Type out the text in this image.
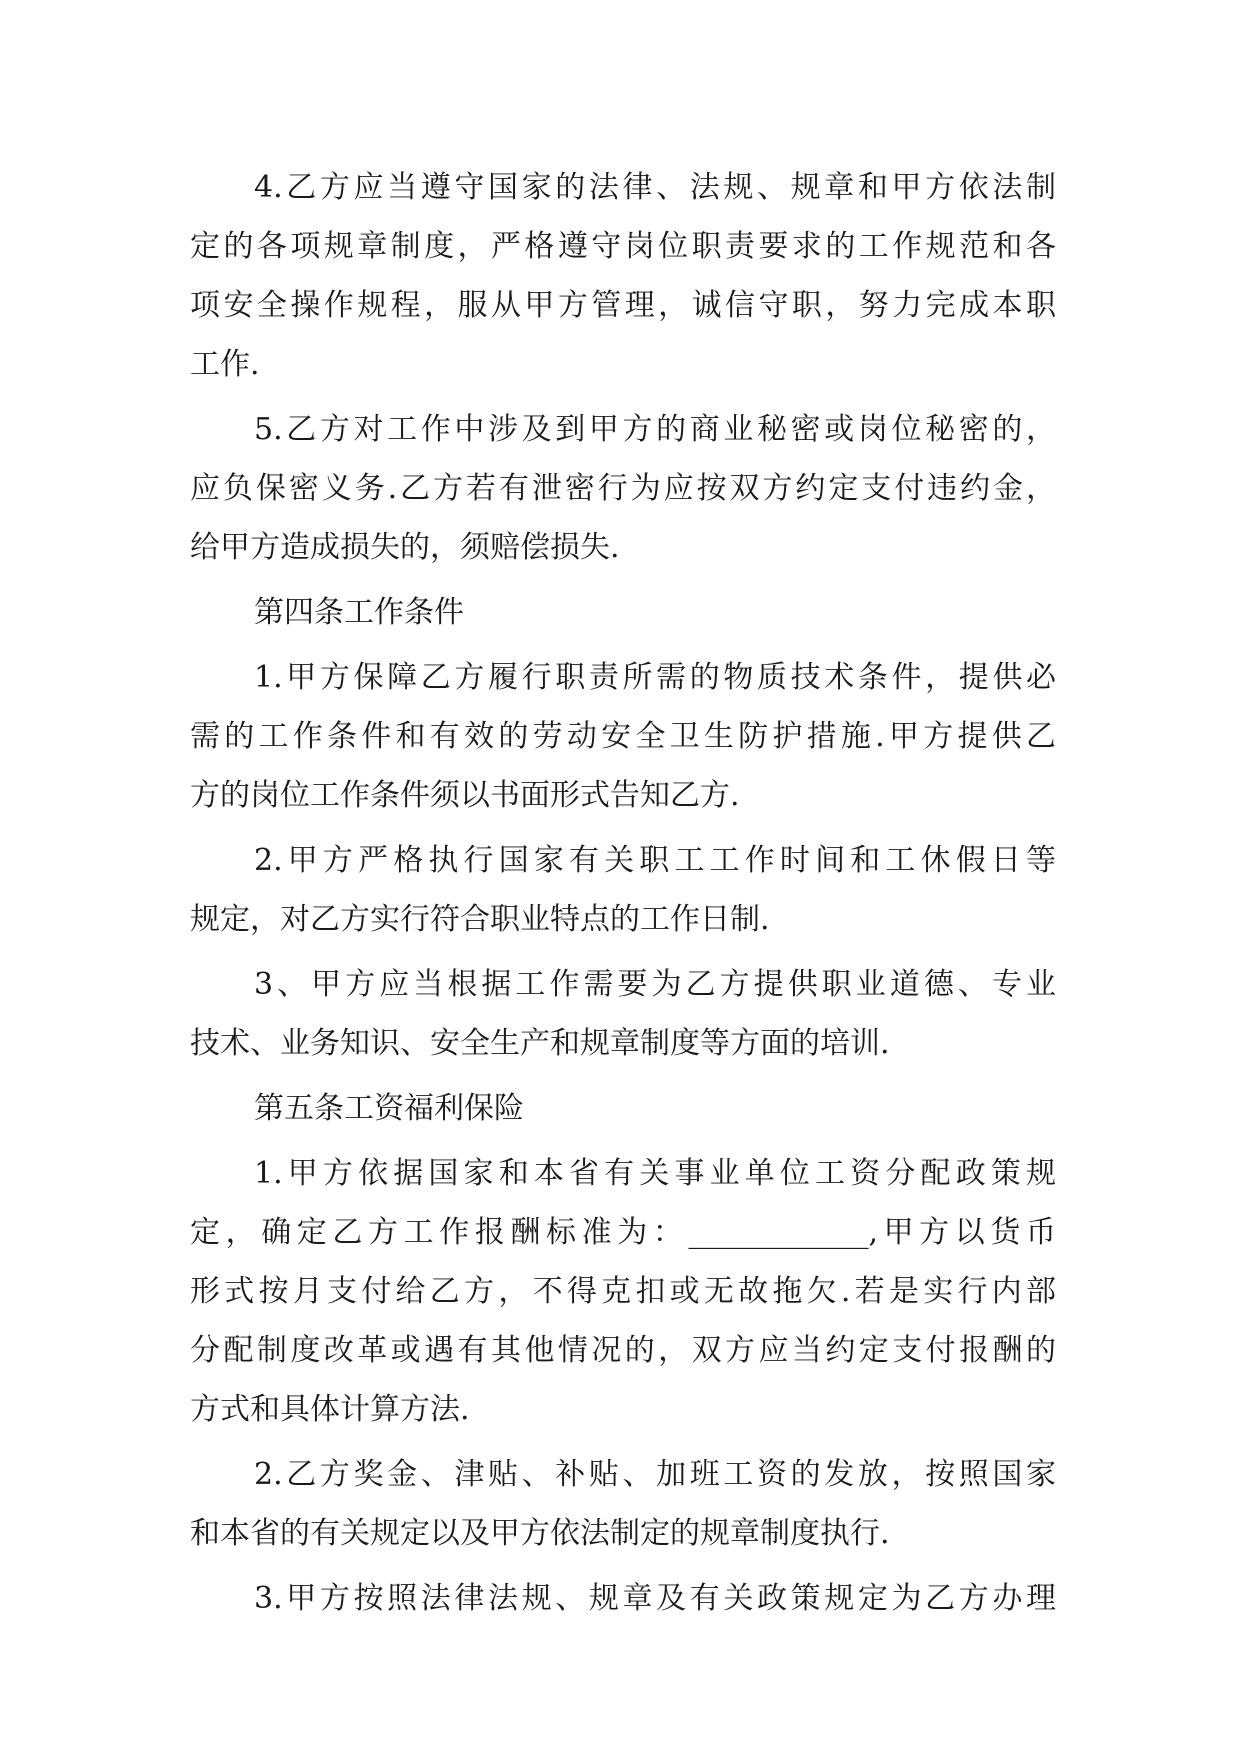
4.乙方应当遵守国家的法律、法规、规章和甲方依法制
定的各项规章制度，严格遵守岗位职责要求的工作规范和各
项安全操作规程，服从甲方管理，诚信守职，努力完成本职
工作.
5.乙方对工作中涉及到甲方的商业秘密或岗位秘密的，
应负保密义务.乙方若有泄密行为应按双方约定支付违约金，
给甲方造成损失的，须赔偿损失.
第四条工作条件
1.甲方保障乙方履行职责所需的物质技术条件，提供必
需的工作条件和有效的劳动安全卫生防护措施.甲方提供乙
方的岗位工作条件须以书面形式告知乙方.
2.甲方严格执行国家有关职工工作时间和工休假日等
规定，对乙方实行符合职业特点的工作日制.
3、甲方应当根据工作需要为乙方提供职业道德、专业
技术、业务知识、安全生产和规章制度等方面的培训.
第五条工资福利保险
1.甲方依据国家和本省有关事业单位工资分配政策规
定，确定乙方工作报酬标准为：____________,甲方以货币
形式按月支付给乙方，不得克扣或无故拖欠.若是实行内部
分配制度改革或遇有其他情况的，双方应当约定支付报酬的
方式和具体计算方法.
2.乙方奖金、津贴、补贴、加班工资的发放，按照国家
和本省的有关规定以及甲方依法制定的规章制度执行.
3.甲方按照法律法规、规章及有关政策规定为乙方办理
